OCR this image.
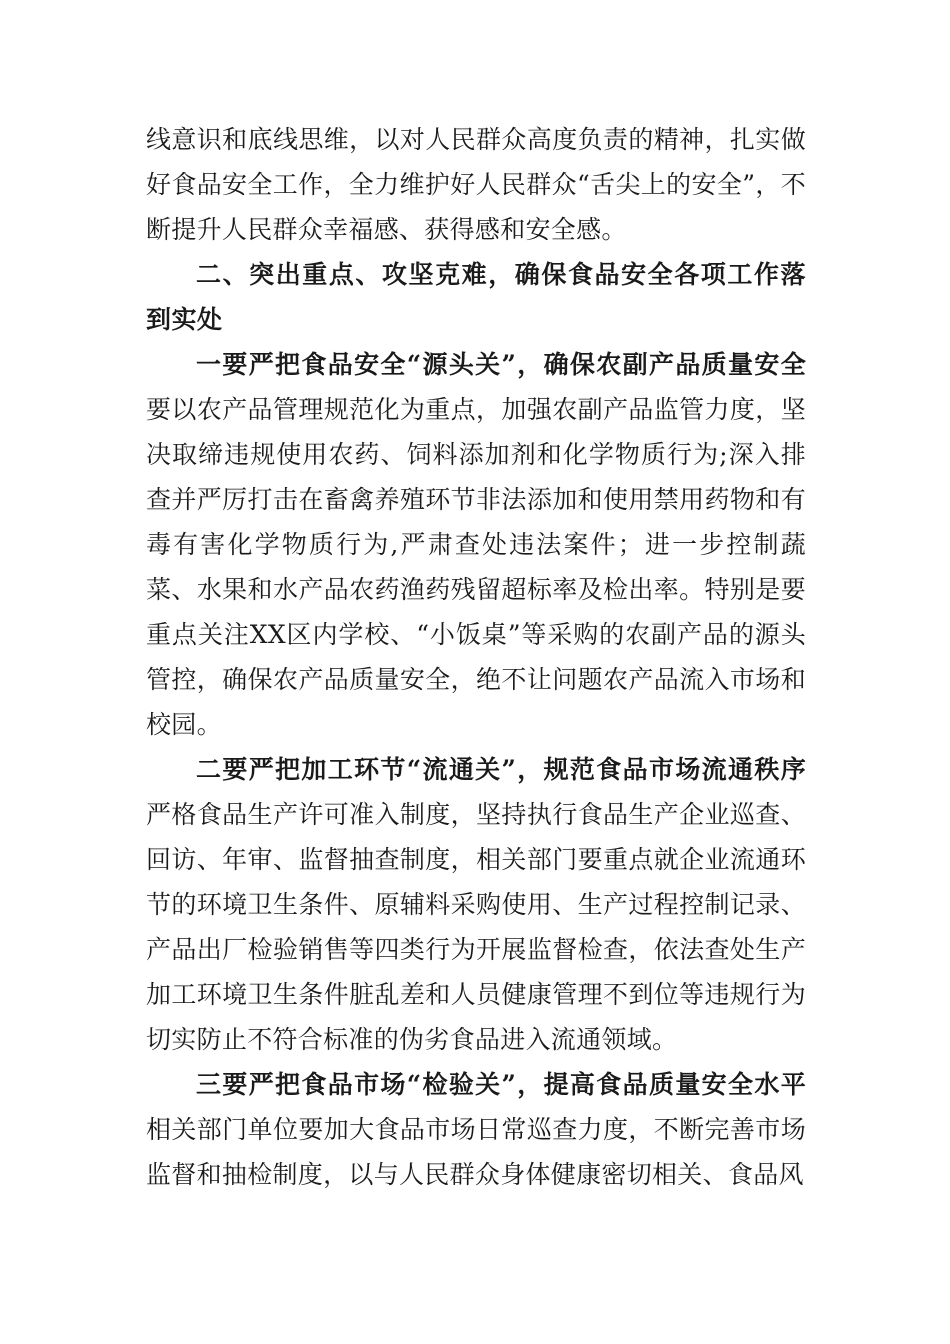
线意识和底线思维，以对人民群众高度负责的精神，扎实做好食品安全工作，全力维护好人民群众“舌尖上的安全”，不断提升人民群众幸福感、获得感和安全感。

二、突出重点、攻坚克难，确保食品安全各项工作落到实处

一要严把食品安全“源头关”，确保农副产品质量安全要以农产品管理规范化为重点，加强农副产品监管力度，坚决取缔违规使用农药、饲料添加剂和化学物质行为;深入排查并严厉打击在畜禽养殖环节非法添加和使用禁用药物和有毒有害化学物质行为,严肃查处违法案件；进一步控制蔬菜、水果和水产品农药渔药残留超标率及检出率。特别是要重点关注XX区内学校、“小饭桌”等采购的农副产品的源头管控，确保农产品质量安全，绝不让问题农产品流入市场和校园。

二要严把加工环节“流通关”，规范食品市场流通秩序严格食品生产许可准入制度，坚持执行食品生产企业巡查、回访、年审、监督抽查制度，相关部门要重点就企业流通环节的环境卫生条件、原辅料采购使用、生产过程控制记录、产品出厂检验销售等四类行为开展监督检查，依法查处生产加工环境卫生条件脏乱差和人员健康管理不到位等违规行为切实防止不符合标准的伪劣食品进入流通领域。

三要严把食品市场“检验关”，提高食品质量安全水平相关部门单位要加大食品市场日常巡查力度，不断完善市场监督和抽检制度，以与人民群众身体健康密切相关、食品风
